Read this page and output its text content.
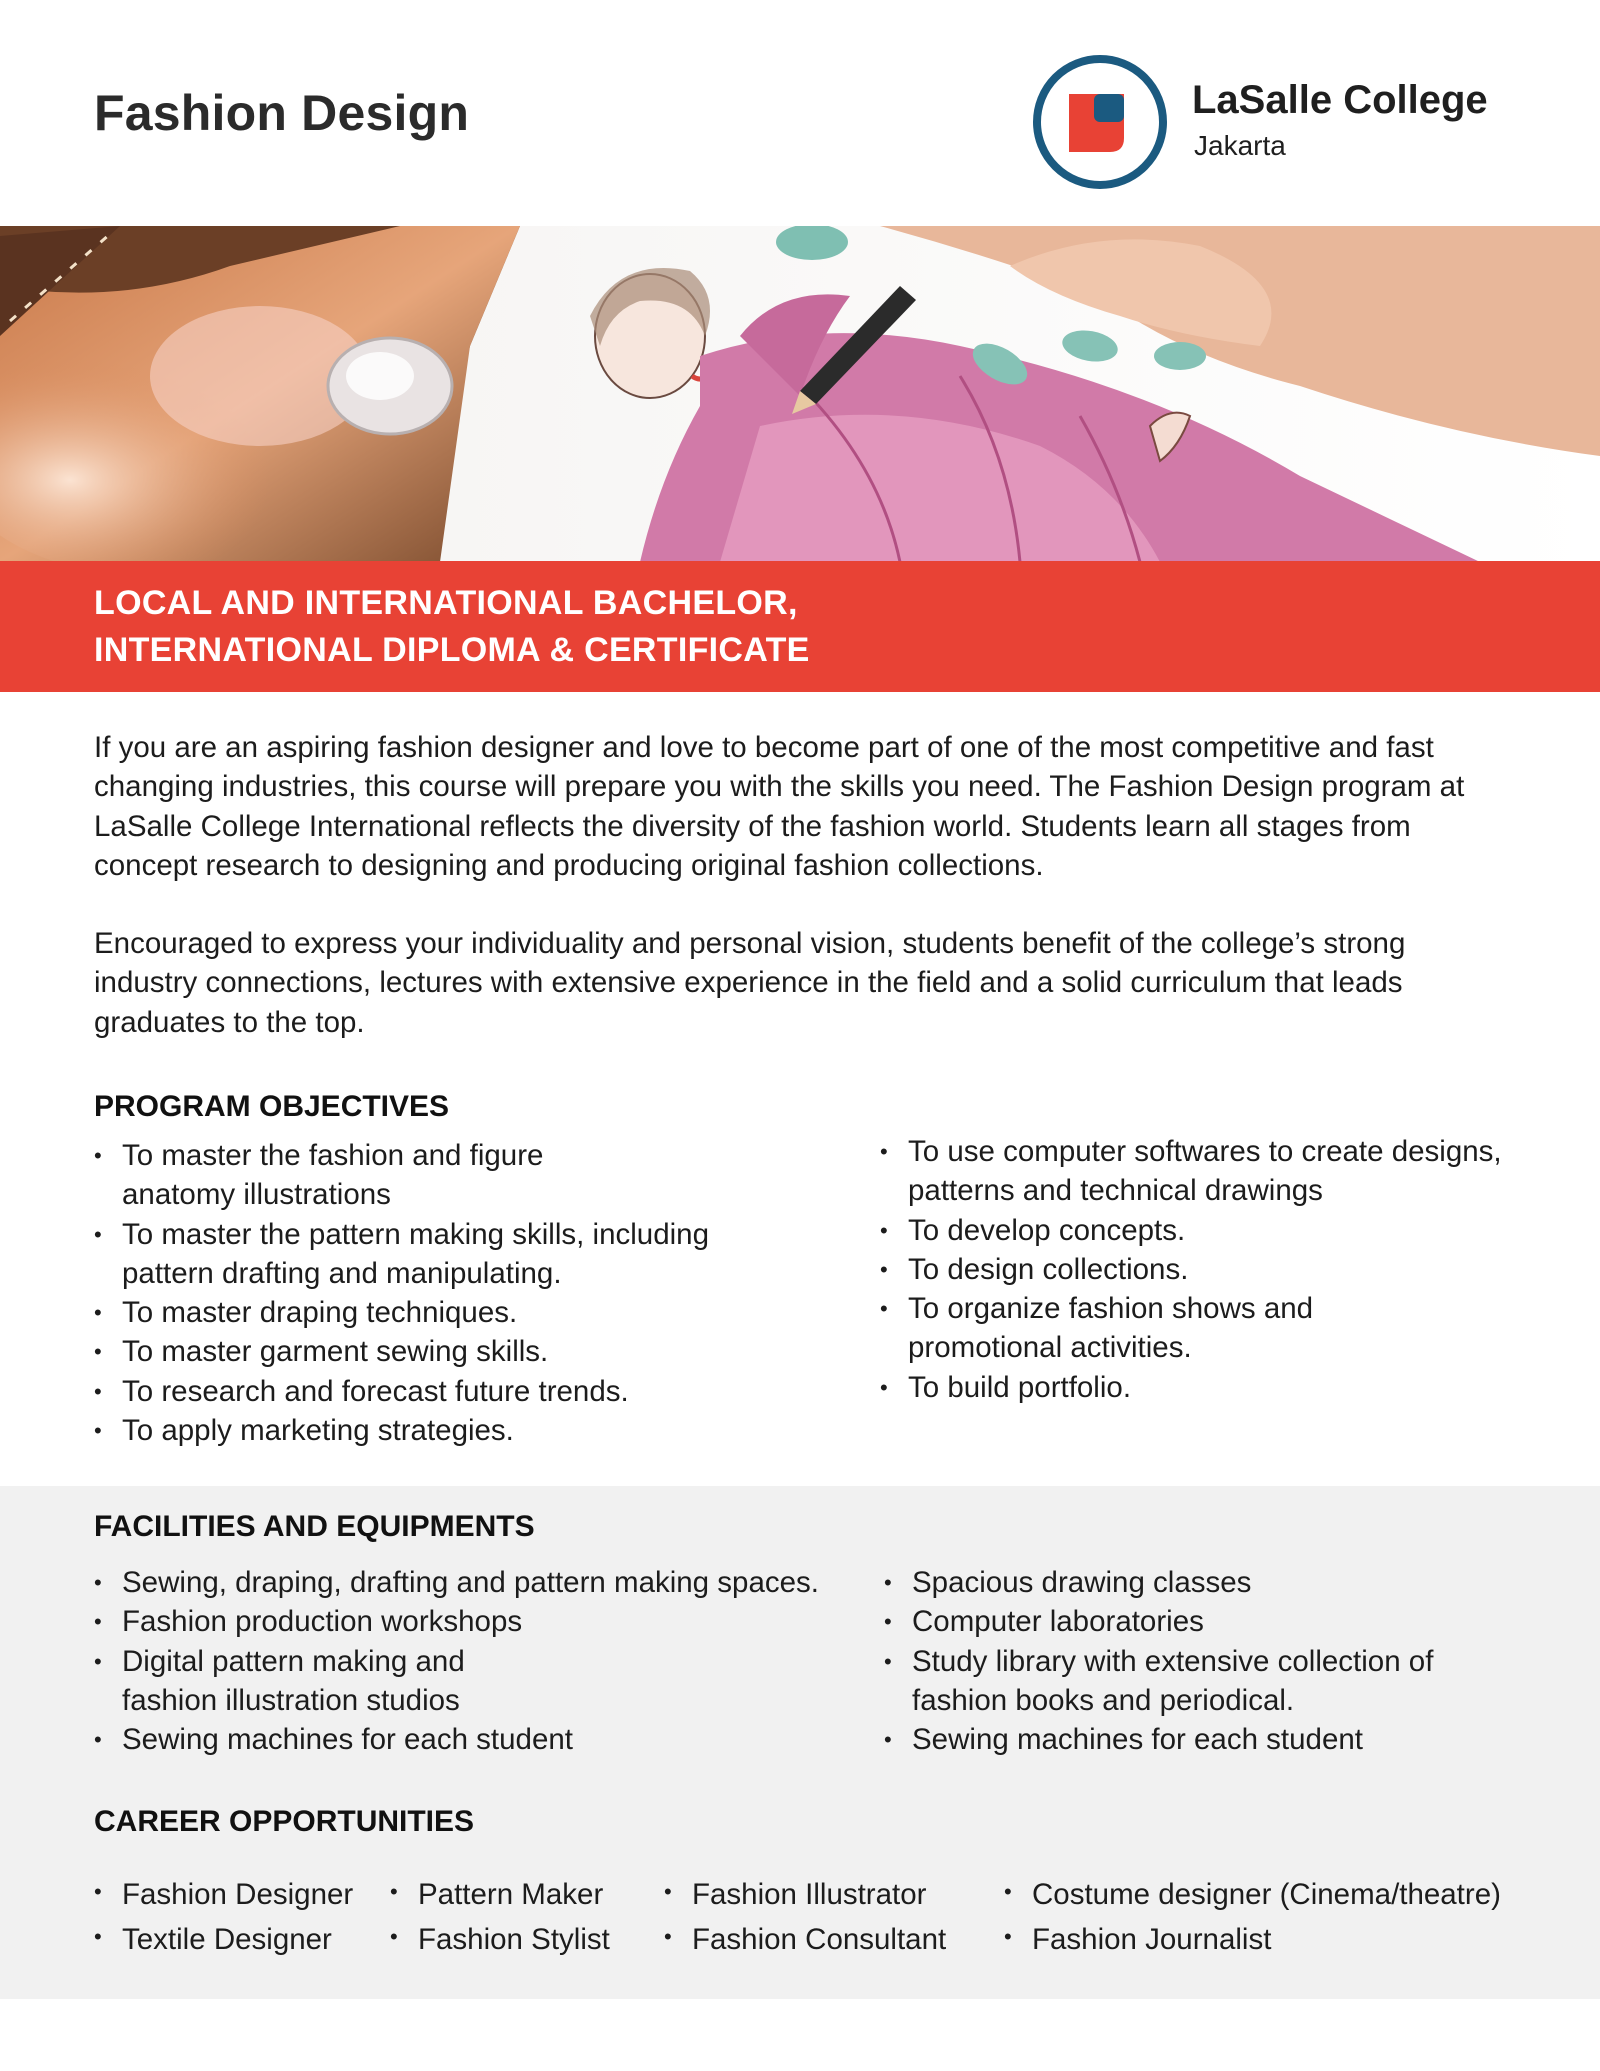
Fashion Design	LaSalle College
Jakarta
LOCAL AND INTERNATIONAL BACHELOR,
INTERNATIONAL DIPLOMA & CERTIFICATE

If you are an aspiring fashion designer and love to become part of one of the most competitive and fast changing industries, this course will prepare you with the skills you need. The Fashion Design program at LaSalle College International reflects the diversity of the fashion world. Students learn all stages from concept research to designing and producing original fashion collections.

Encouraged to express your individuality and personal vision, students benefit of the college’s strong industry connections, lectures with extensive experience in the field and a solid curriculum that leads graduates to the top.

PROGRAM OBJECTIVES
• To master the fashion and figure anatomy illustrations
• To master the pattern making skills, including pattern drafting and manipulating.
• To master draping techniques.
• To master garment sewing skills.
• To research and forecast future trends.
• To apply marketing strategies.
• To use computer softwares to create designs, patterns and technical drawings
• To develop concepts.
• To design collections.
• To organize fashion shows and promotional activities.
• To build portfolio.
FACILITIES AND EQUIPMENTS
• Sewing, draping, drafting and pattern making spaces.
• Fashion production workshops
• Digital pattern making and fashion illustration studios
• Sewing machines for each student
• Spacious drawing classes
• Computer laboratories
• Study library with extensive collection of fashion books and periodical.
• Sewing machines for each student
CAREER OPPORTUNITIES
• Fashion Designer
• Textile Designer
• Pattern Maker
• Fashion Stylist
• Fashion Illustrator
• Fashion Consultant
• Costume designer (Cinema/theatre)
• Fashion Journalist
